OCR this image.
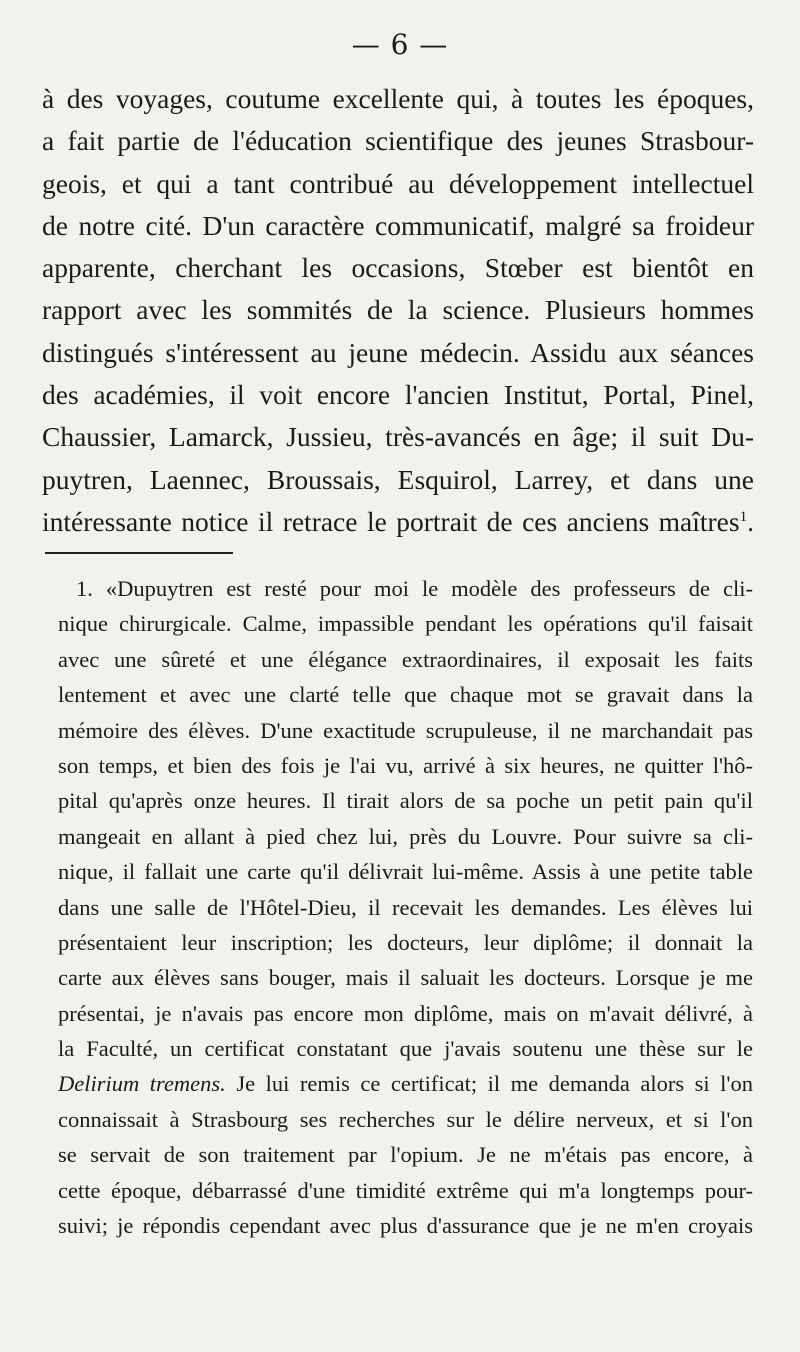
— 6 —
à des voyages, coutume excellente qui, à toutes les époques,
a fait partie de l'éducation scientifique des jeunes Strasbour-
geois, et qui a tant contribué au développement intellectuel
de notre cité. D'un caractère communicatif, malgré sa froideur
apparente, cherchant les occasions, Stœber est bientôt en
rapport avec les sommités de la science. Plusieurs hommes
distingués s'intéressent au jeune médecin. Assidu aux séances
des académies, il voit encore l'ancien Institut, Portal, Pinel,
Chaussier, Lamarck, Jussieu, très-avancés en âge; il suit Du-
puytren, Laennec, Broussais, Esquirol, Larrey, et dans une
intéressante notice il retrace le portrait de ces anciens maîtres$^1$.
1. «Dupuytren est resté pour moi le modèle des professeurs de cli-
nique chirurgicale. Calme, impassible pendant les opérations qu'il faisait
avec une sûreté et une élégance extraordinaires, il exposait les faits
lentement et avec une clarté telle que chaque mot se gravait dans la
mémoire des élèves. D'une exactitude scrupuleuse, il ne marchandait pas
son temps, et bien des fois je l'ai vu, arrivé à six heures, ne quitter l'hô-
pital qu'après onze heures. Il tirait alors de sa poche un petit pain qu'il
mangeait en allant à pied chez lui, près du Louvre. Pour suivre sa cli-
nique, il fallait une carte qu'il délivrait lui-même. Assis à une petite table
dans une salle de l'Hôtel-Dieu, il recevait les demandes. Les élèves lui
présentaient leur inscription; les docteurs, leur diplôme; il donnait la
carte aux élèves sans bouger, mais il saluait les docteurs. Lorsque je me
présentai, je n'avais pas encore mon diplôme, mais on m'avait délivré, à
la Faculté, un certificat constatant que j'avais soutenu une thèse sur le
Delirium tremens. Je lui remis ce certificat; il me demanda alors si l'on
connaissait à Strasbourg ses recherches sur le délire nerveux, et si l'on
se servait de son traitement par l'opium. Je ne m'étais pas encore, à
cette époque, débarrassé d'une timidité extrême qui m'a longtemps pour-
suivi; je répondis cependant avec plus d'assurance que je ne m'en croyais
